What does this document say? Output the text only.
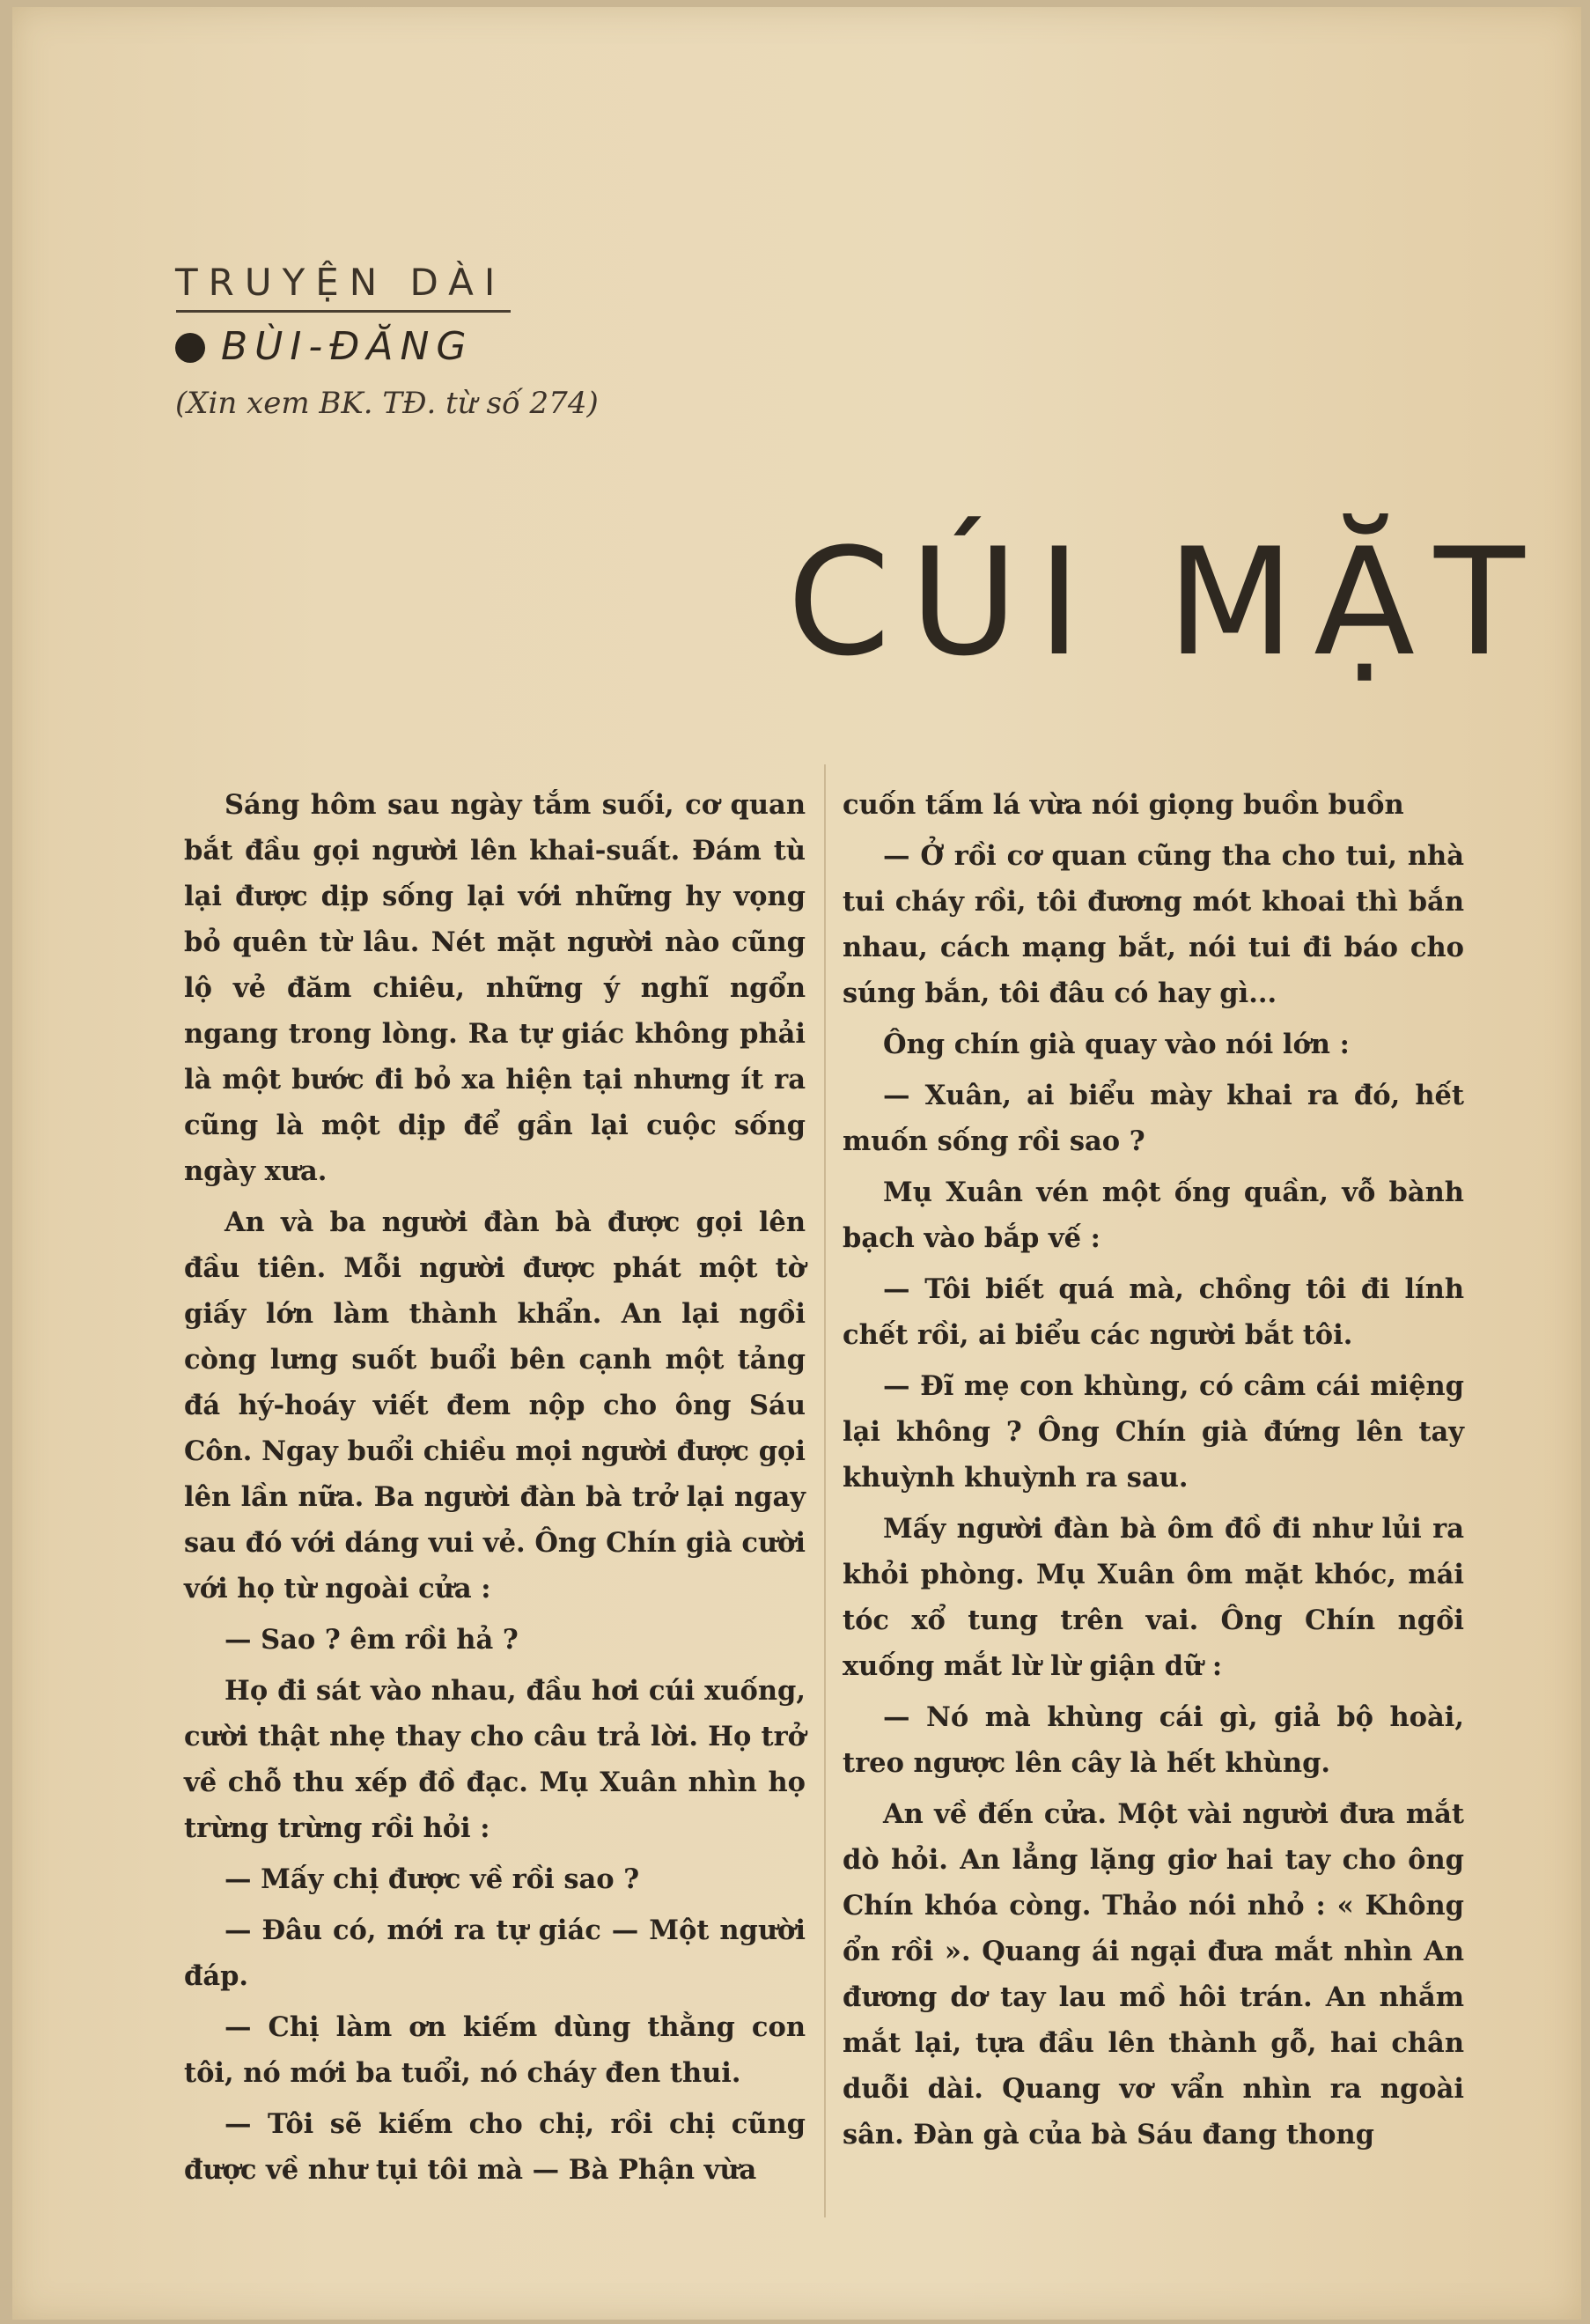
TRUYỆN DÀI
BÙI-ĐĂNG
(Xin xem BK. TĐ. từ số 274)
CÚI MẶT

Sáng hôm sau ngày tắm suối, cơ quan bắt đầu gọi người lên khai-suất. Đám tù lại được dịp sống lại với những hy vọng bỏ quên từ lâu. Nét mặt người nào cũng lộ vẻ đăm chiêu, những ý nghĩ ngổn ngang trong lòng. Ra tự giác không phải là một bước đi bỏ xa hiện tại nhưng ít ra cũng là một dịp để gần lại cuộc sống ngày xưa.

An và ba người đàn bà được gọi lên đầu tiên. Mỗi người được phát một tờ giấy lớn làm thành khẩn. An lại ngồi còng lưng suốt buổi bên cạnh một tảng đá hý-hoáy viết đem nộp cho ông Sáu Côn. Ngay buổi chiều mọi người được gọi lên lần nữa. Ba người đàn bà trở lại ngay sau đó với dáng vui vẻ. Ông Chín già cười với họ từ ngoài cửa :

— Sao ? êm rồi hả ?

Họ đi sát vào nhau, đầu hơi cúi xuống, cười thật nhẹ thay cho câu trả lời. Họ trở về chỗ thu xếp đồ đạc. Mụ Xuân nhìn họ trừng trừng rồi hỏi :

— Mấy chị được về rồi sao ?

— Đâu có, mới ra tự giác — Một người đáp.

— Chị làm ơn kiếm dùng thằng con tôi, nó mới ba tuổi, nó cháy đen thui.

— Tôi sẽ kiếm cho chị, rồi chị cũng được về như tụi tôi mà — Bà Phận vừa

cuốn tấm lá vừa nói giọng buồn buồn

— Ở rồi cơ quan cũng tha cho tui, nhà tui cháy rồi, tôi đương mót khoai thì bắn nhau, cách mạng bắt, nói tui đi báo cho súng bắn, tôi đâu có hay gì...

Ông chín già quay vào nói lớn :

— Xuân, ai biểu mày khai ra đó, hết muốn sống rồi sao ?

Mụ Xuân vén một ống quần, vỗ bành bạch vào bắp vế :

— Tôi biết quá mà, chồng tôi đi lính chết rồi, ai biểu các người bắt tôi.

— Đĩ mẹ con khùng, có câm cái miệng lại không ? Ông Chín già đứng lên tay khuỳnh khuỳnh ra sau.

Mấy người đàn bà ôm đồ đi như lủi ra khỏi phòng. Mụ Xuân ôm mặt khóc, mái tóc xổ tung trên vai. Ông Chín ngồi xuống mắt lừ lừ giận dữ :

— Nó mà khùng cái gì, giả bộ hoài, treo ngược lên cây là hết khùng.

An về đến cửa. Một vài người đưa mắt dò hỏi. An lẳng lặng giơ hai tay cho ông Chín khóa còng. Thảo nói nhỏ : « Không ổn rồi ». Quang ái ngại đưa mắt nhìn An đương dơ tay lau mồ hôi trán. An nhắm mắt lại, tựa đầu lên thành gỗ, hai chân duỗi dài. Quang vơ vẩn nhìn ra ngoài sân. Đàn gà của bà Sáu đang thong
